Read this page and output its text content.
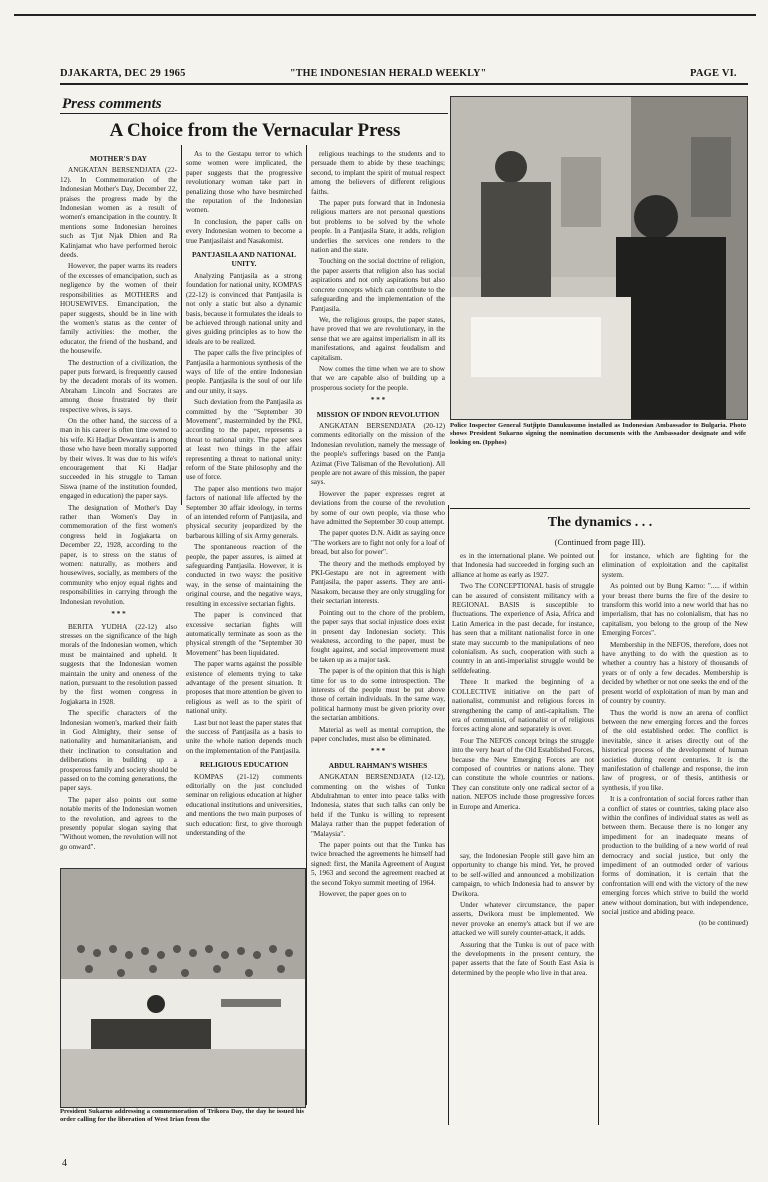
DJAKARTA, DEC 29 1965	"THE INDONESIAN HERALD WEEKLY"	PAGE VI.
Press comments
A Choice from the Vernacular Press

MOTHER'S DAY

ANGKATAN BERSENDJATA (22-12). In Commemoration of the Indonesian Mother's Day, December 22, praises the progress made by the Indonesian women as a result of women's emancipation in the country. It mentions some Indonesian heroines such as Tjut Njak Dhien and Ra Kalinjamat who have performed heroic deeds.

However, the paper warns its readers of the excesses of emancipation, such as negligence by the women of their responsibilities as MOTHERS and HOUSEWIVES. Emancipation, the paper suggests, should be in line with the women's status as the center of family activities: the mother, the educator, the friend of the husband, and the housewife.

The destruction of a civilization, the paper puts forward, is frequently caused by the decadent morals of its women. Abraham Lincoln and Socrates are among those frustrated by their respective wives, is says.

On the other hand, the success of a man in his career is often time owned to his wife. Ki Hadjar Dewantara is among those who have been morally supported by their wives. It was due to his wife's encouragement that Ki Hadjar succeeded in his struggle to Taman Siswa (name of the institution founded, engaged in education) the paper says.

The designation of Mother's Day rather than Women's Day in commemoration of the first women's congress held in Jogjakarta on December 22, 1928, according to the paper, is to stress on the status of women: naturally, as mothers and housewives, socially, as members of the community who enjoy equal rights and responsibilities in carrying through the Indonesian revolution.

* * *

BERITA YUDHA (22-12) also stresses on the significance of the high morals of the Indonesian women, which must be maintained and upheld. It suggests that the Indonesian women maintain the unity and oneness of the nation, pursuant to the resolution passed by the first women congress in Jogjakarta in 1928.

The specific characters of the Indonesian women's, marked their faith in God Almighty, their sense of nationality and humanitarianism, and their inclination to consultation and deliberations in building up a prosperous family and society should be passed on to the coming generations, the paper says.

The paper also points out some notable merits of the Indonesian women to the revolution, and agrees to the presently popular slogan saying that "Without women, the revolution will not go onward".

As to the Gestapu terror to which some women were implicated, the paper suggests that the progressive revolutionary woman take part in penalizing those who have besmirched the reputation of the Indonesian women.

In conclusion, the paper calls on every Indonesian women to become a true Pantjasilaist and Nasakomist.

PANTJASILA AND NATIONAL UNITY.

Analyzing Pantjasila as a strong foundation for national unity, KOMPAS (22-12) is convinced that Pantjasila is not only a static but also a dynamic basis, because it formulates the ideals to be achieved through national unity and gives guiding principles as to how the ideals are to be realized.

The paper calls the five principles of Pantjasila a harmonious synthesis of the ways of life of the entire Indonesian people. Pantjasila is the soul of our life and our unity, it says.

Such deviation from the Pantjasila as committed by the "September 30 Movement", masterminded by the PKI, according to the paper, represents a threat to national unity. The paper sees at least two things in the affair representing a threat to national unity: reform of the State philosophy and the use of force.

The paper also mentions two major factors of national life affected by the September 30 affair ideology, in terms of an intended reform of Pantjasila, and physical security jeopardized by the barbarous killing of six Army generals.

The spontaneous reaction of the people, the paper assures, is aimed at safeguarding Pantjasila. However, it is conducted in two ways: the positive way, in the sense of maintaining the original course, and the negative ways, resulting in excessive sectarian fights.

The paper is convinced that excessive sectarian fights will automatically terminate as soon as the physical strength of the "September 30 Movement" has been liquidated.

The paper warns against the possible existence of elements trying to take advantage of the present situation. It proposes that more attention be given to religious as well as to the spirit of national unity.

Last but not least the paper states that the success of Pantjasila as a basis to unite the whole nation depends much on the implementation of the Pantjasila.

RELIGIOUS EDUCATION

KOMPAS (21-12) comments editorially on the just concluded seminar on religious education at higher educational institutions and universities, and mentions the two main purposes of such education: first, to give thorough understanding of the

religious teachings to the students and to persuade them to abide by these teachings; second, to implant the spirit of mutual respect among the believers of different religious faiths.

The paper puts forward that in Indonesia religious matters are not personal questions but problems to be solved by the whole people. In a Pantjasila State, it adds, religion underlies the services one renders to the nation and the state.

Touching on the social doctrine of religion, the paper asserts that religion also has social aspirations and not only aspirations but also concrete concepts which can contribute to the safeguarding and the implementation of the Pantjasila.

We, the religious groups, the paper states, have proved that we are revolutionary, in the sense that we are against imperialism in all its manifestations, and against feudalism and capitalism.

Now comes the time when we are to show that we are capable also of building up a prosperous society for the people.

* * *

MISSION OF INDON REVOLUTION

ANGKATAN BERSENDJATA (20-12) comments editorially on the mission of the Indonesian revolution, namely the message of the people's sufferings based on the Pantja Azimat (Five Talisman of the Revolution). All people are not aware of this mission, the paper says.

However the paper expresses regret at deviations from the course of the revolution by some of our own people, via those who have admitted the September 30 coup attempt.

The paper quotes D.N. Aidit as saying once "The workers are to fight not only for a loaf of bread, but also for power".

The theory and the methods employed by PKI-Gestapu are not in agreement with Pantjasila, the paper asserts. They are anti-Nasakom, because they are only struggling for their sectarian interests.

Pointing out to the chore of the problem, the paper says that social injustice does exist in present day Indonesian society. This weakness, according to the paper, must be fought against, and social improvement must be taken up as a major task.

The paper is of the opinion that this is high time for us to do some introspection. The interests of the people must be put above those of certain individuals. In the same way, political harmony must be given priority over the sectarian ambitions.

Material as well as mental corruption, the paper concludes, must also be eliminated.

* * *

ABDUL RAHMAN'S WISHES

ANGKATAN BERSENDJATA (12-12), commenting on the wishes of Tunku Abdulrahman to enter into peace talks with Indonesia, states that such talks can only be held if the Tunku is willing to represent Malaya rather than the puppet federation of "Malaysia".

The paper points out that the Tunku has twice breached the agreements he himself had signed: first, the Manila Agreement of August 5, 1963 and second the agreement reached at the second Tokyo summit meeting of 1964.

However, the paper goes on to

es in the international plane. We pointed out that Indonesia had succeeded in forging such an alliance at home as early as 1927.

Two The CONCEPTIONAL basis of struggle can be assured of consistent militancy with a REGIONAL BASIS is susceptible to fluctuations. The experience of Asia, Africa and Latin America in the past decade, for instance, has seen that a militant nationalist force in one state may succumb to the manipulations of neo colonialism. As such, cooperation with such a country in an anti-imperialist struggle would be selfdefeating.

Three It marked the beginning of a COLLECTIVE initiative on the part of nationalist, communist and religious forces in strengthening the camp of anti-capitalism. The era of communist, of nationalist or of religious forces acting alone and separately is over.

Four The NEFOS concept brings the struggle into the very heart of the Old Established Forces, because the New Emerging Forces are not composed of countries or nations alone. They can constitute the whole countries or nations. They can constitute only one radical sector of a nation. NEFOS include those progressive forces in Europe and America.

for instance, which are fighting for the elimination of exploitation and the capitalist system.

As pointed out by Bung Karno: "..... if within your breast there burns the fire of the desire to transform this world into a new world that has no imperialism, that has no colonialism, that has no capitalism, you belong to the group of the New Emerging Forces".

Membership in the NEFOS, therefore, does not have anything to do with the question as to whether a country has a history of thousands of years or of only a few decades. Membership is decided by whether or not one seeks the end of the present world of exploitation of man by man and of country by country.

Thus the world is now an arena of conflict between the new emerging forces and the forces of the old established order. The conflict is inevitable, since it arises directly out of the historical process of the development of human societies during recent centuries. It is the manifestation of challenge and response, the iron law of progress, or of thesis, antithesis or synthesis, if you like.

It is a confrontation of social forces rather than a conflict of states or countries, taking place also within the confines of individual states as well as between them. Because there is no longer any impediment for an inadequate means of production to the building of a new world of real democracy and social justice, but only the impediment of an outmoded order of various forms of domination, it is certain that the confrontation will end with the victory of the new emerging forces which strive to build the world anew without domination, but with independence, social justice and abiding peace.

(to be continued)

say, the Indonesian People still gave him an opportunity to change his mind. Yet, he proved to be self-willed and announced a mobilization campaign, to which Indonesia had to answer by Dwikora.

Under whatever circumstance, the paper asserts, Dwikora must be implemented. We never provoke an enemy's attack but if we are attacked we will surely counter-attack, it adds.

Assuring that the Tunku is out of pace with the developments in the present century, the paper asserts that the fate of South East Asia is determined by the people who live in that area.

Police Inspector General Sutjipto Danukusumo installed as Indonesian Ambassador to Bulgaria. Photo shows President Sukarno signing the nomination documents with the Ambassador designate and wife looking on. (Ipphos)
The dynamics . . .
(Continued from page III).
President Sukarno addressing a commemoration of Trikora Day, the day he issued his order calling for the liberation of West Irian from the
4
